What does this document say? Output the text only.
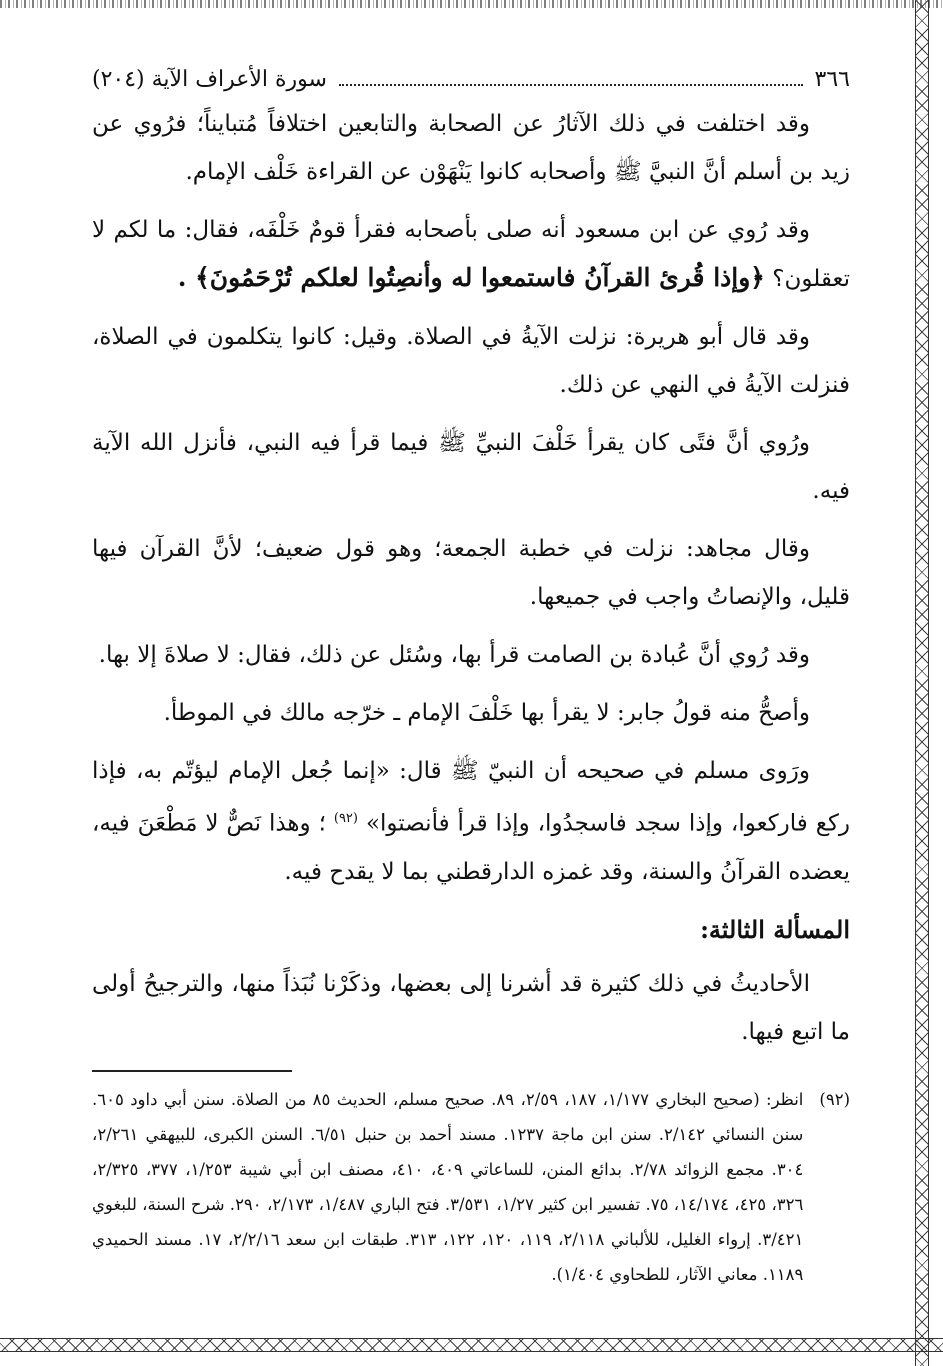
٣٦٦
سورة الأعراف الآية (٢٠٤)

وقد اختلفت في ذلك الآثارُ عن الصحابة والتابعين اختلافاً مُتبايناً؛ فرُوي عن زيد بن أسلم أنَّ النبيَّ ﷺ وأصحابه كانوا يَنْهَوْن عن القراءة خَلْف الإمام.

وقد رُوي عن ابن مسعود أنه صلى بأصحابه فقرأ قومٌ خَلْفَه، فقال: ما لكم لا تعقلون؟ ﴿وإذا قُرئ القرآنُ فاستمعوا له وأنصِتُوا لعلكم تُرْحَمُونَ﴾ .

وقد قال أبو هريرة: نزلت الآيةُ في الصلاة. وقيل: كانوا يتكلمون في الصلاة، فنزلت الآيةُ في النهي عن ذلك.

ورُوي أنَّ فتًى كان يقرأ خَلْفَ النبيِّ ﷺ فيما قرأ فيه النبي، فأنزل الله الآية فيه.

وقال مجاهد: نزلت في خطبة الجمعة؛ وهو قول ضعيف؛ لأنَّ القرآن فيها قليل، والإنصاتُ واجب في جميعها.

وقد رُوي أنَّ عُبادة بن الصامت قرأ بها، وسُئل عن ذلك، فقال: لا صلاةَ إلا بها.

وأصحُّ منه قولُ جابر: لا يقرأ بها خَلْفَ الإمام ـ خرّجه مالك في الموطأ.

ورَوى مسلم في صحيحه أن النبيّ ﷺ قال: «إنما جُعل الإمام ليؤتّم به، فإذا ركع فاركعوا، وإذا سجد فاسجدُوا، وإذا قرأ فأنصتوا» $^{(٩٢)}$ ؛ وهذا نَصٌّ لا مَطْعَنَ فيه، يعضده القرآنُ والسنة، وقد غمزه الدارقطني بما لا يقدح فيه.

المسألة الثالثة:

الأحاديثُ في ذلك كثيرة قد أشرنا إلى بعضها، وذكَرْنا نُبَذاً منها، والترجيحُ أولى ما اتبع فيها.

(٩٢)
انظر: (صحيح البخاري ١/١٧٧، ١٨٧، ٢/٥٩، ٨٩. صحيح مسلم، الحديث ٨٥ من الصلاة. سنن أبي داود ٦٠٥. سنن النسائي ٢/١٤٢. سنن ابن ماجة ١٢٣٧. مسند أحمد بن حنبل ٦/٥١. السنن الكبرى، للبيهقي ٢/٢٦١، ٣٠٤. مجمع الزوائد ٢/٧٨. بدائع المنن، للساعاتي ٤٠٩، ٤١٠، مصنف ابن أبي شيبة ١/٢٥٣، ٣٧٧، ٢/٣٢٥، ٣٢٦، ٤٢٥، ١٤/١٧٤، ٧٥. تفسير ابن كثير ١/٢٧، ٣/٥٣١. فتح الباري ١/٤٨٧، ٢/١٧٣، ٢٩٠. شرح السنة، للبغوي ٣/٤٢١. إرواء الغليل، للألباني ٢/١١٨، ١١٩، ١٢٠، ١٢٢، ٣١٣. طبقات ابن سعد ٢/٢/١٦، ١٧. مسند الحميدي ١١٨٩. معاني الآثار، للطحاوي ١/٤٠٤).
